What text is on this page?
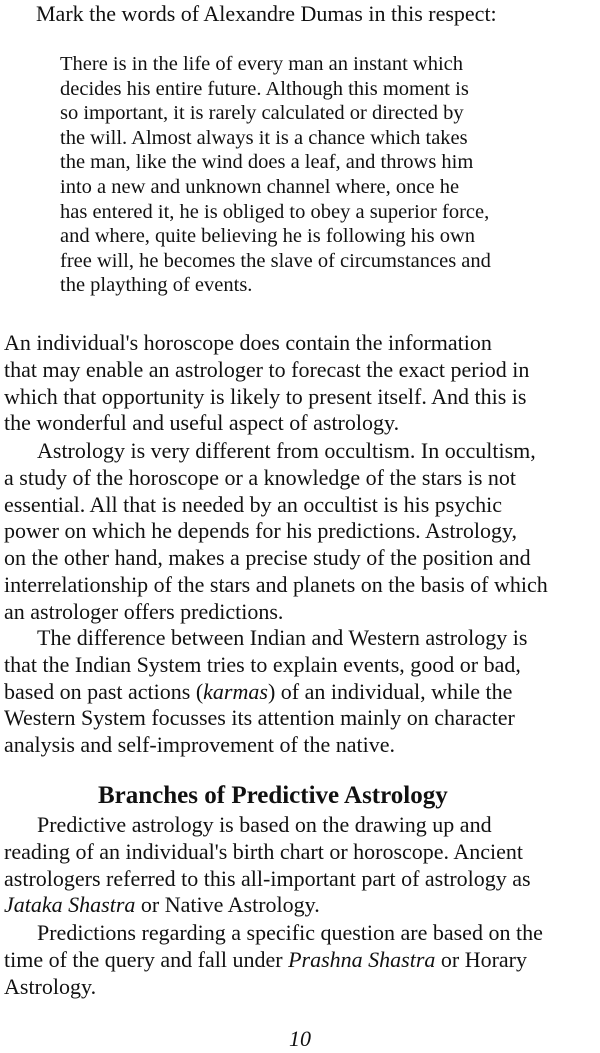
Mark the words of Alexandre Dumas in this respect:

There is in the life of every man an instant which
decides his entire future. Although this moment is
so important, it is rarely calculated or directed by
the will. Almost always it is a chance which takes
the man, like the wind does a leaf, and throws him
into a new and unknown channel where, once he
has entered it, he is obliged to obey a superior force,
and where, quite believing he is following his own
free will, he becomes the slave of circumstances and
the plaything of events.

An individual's horoscope does contain the information
that may enable an astrologer to forecast the exact period in
which that opportunity is likely to present itself. And this is
the wonderful and useful aspect of astrology.

Astrology is very different from occultism. In occultism,
a study of the horoscope or a knowledge of the stars is not
essential. All that is needed by an occultist is his psychic
power on which he depends for his predictions. Astrology,
on the other hand, makes a precise study of the position and
interrelationship of the stars and planets on the basis of which
an astrologer offers predictions.

The difference between Indian and Western astrology is
that the Indian System tries to explain events, good or bad,
based on past actions (karmas) of an individual, while the
Western System focusses its attention mainly on character
analysis and self-improvement of the native.

Branches of Predictive Astrology

Predictive astrology is based on the drawing up and
reading of an individual's birth chart or horoscope. Ancient
astrologers referred to this all-important part of astrology as
Jataka Shastra or Native Astrology.

Predictions regarding a specific question are based on the
time of the query and fall under Prashna Shastra or Horary
Astrology.

10
